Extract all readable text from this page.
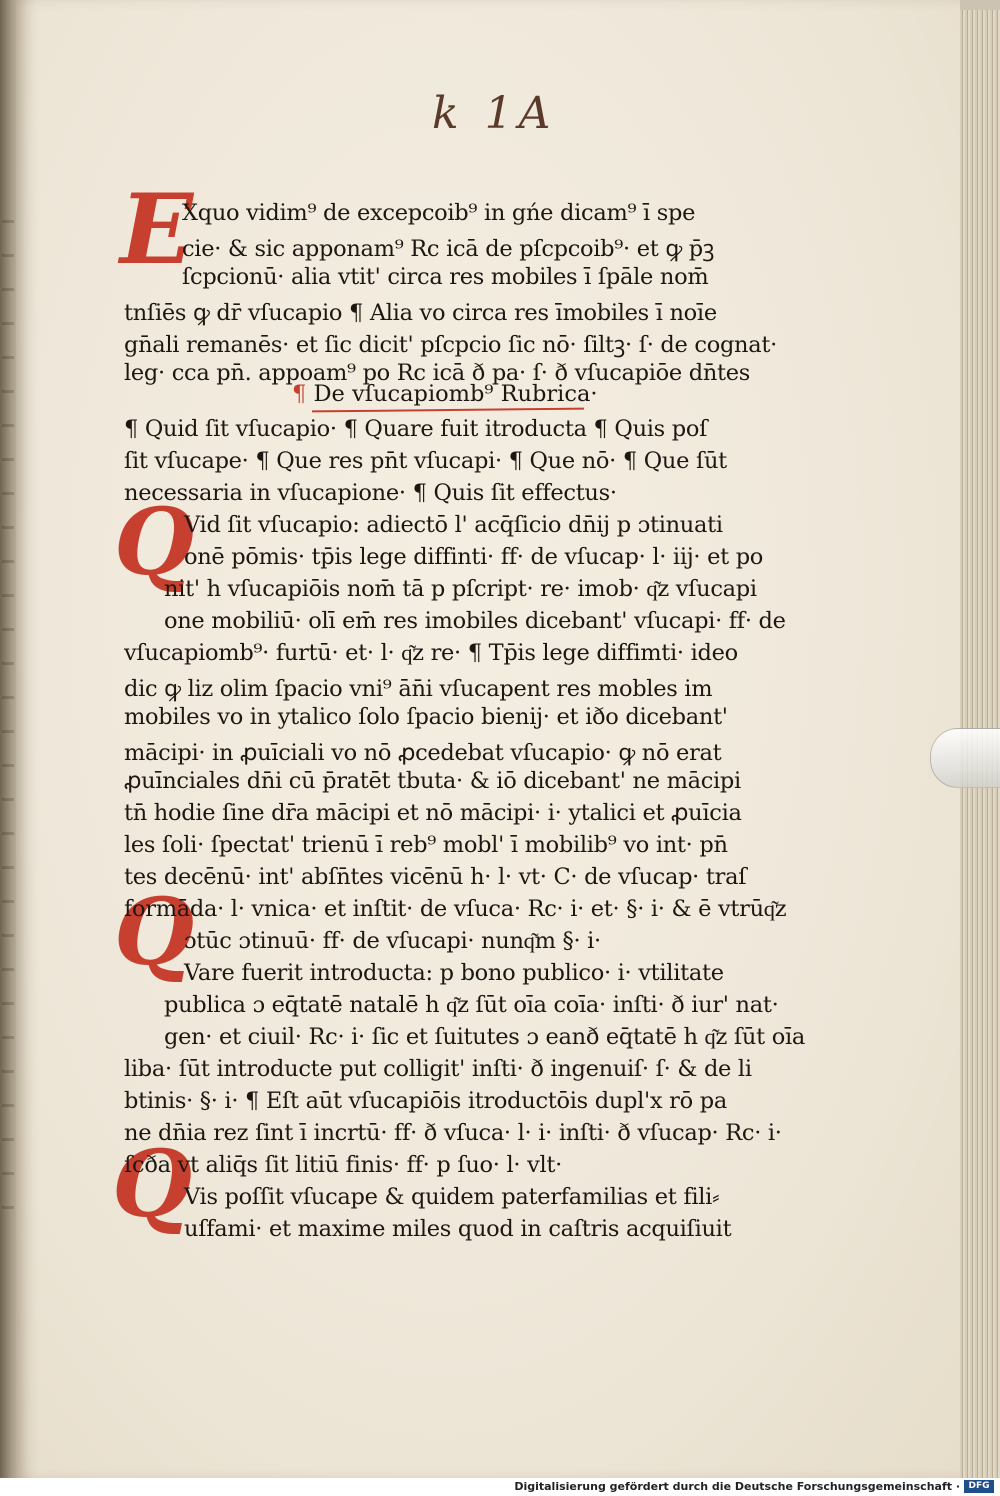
k 1A
E
Q
Q
Q
Xquo vidim⁹ de excepcoib⁹ in gńe dicam⁹ ī spe
cie· & sic apponam⁹ Rc icā de pſcpcoib⁹· et ꝙ p̄ꝫ
ſcpcionū· alia vtit' circa res mobiles ī ſpāle nom̄
tnſiēs ꝙ dr̄ vſucapio ¶ Alia vo circa res īmobiles ī noīe
gn̄ali remanēs· et ſic dicit' pſcpcio ſic nō· ſiltꝫ· ſ· de cognat·
leg· cca pn̄. appoam⁹ po Rc icā ð pa· ſ· ð vſucapiōe dn̄tes
¶ De vſucapiomb⁹ Rubrica·
¶ Quid ſit vſucapio· ¶ Quare fuit itroducta ¶ Quis poſ
ſit vſucape· ¶ Que res pn̄t vſucapi· ¶ Que nō· ¶ Que ſūt
necessaria in vſucapione· ¶ Quis ſit effectus·
Vid ſit vſucapio: adiectō l' acq̄ſicio dn̄ij p ɔtinuati
onē pōmis· tp̄is lege diffinti· ff· de vſucap· l· iij· et po
nit' h vſucapiōis nom̄ tā p pſcript· re· imob· q͂z vſucapi
one mobiliū· olī em̄ res imobiles dicebant' vſucapi· ff· de
vſucapiomb⁹· furtū· et· l· q͂z re· ¶ Tp̄is lege diffimti· ideo
dic ꝙ liz olim ſpacio vni⁹ ān̄i vſucapent res mobles im
mobiles vo in ytalico ſolo ſpacio bienij· et iðo dicebant'
mācipi· in ꝓuīciali vo nō ꝓcedebat vſucapio· ꝙ nō erat
ꝓuīnciales dn̄i cū p̄ratēt tbuta· & iō dicebant' ne mācipi
tn̄ hodie ſine dr̄a mācipi et nō mācipi· i· ytalici et ꝓuīcia
les ſoli· ſpectat' trienū ī reb⁹ mobl' ī mobilib⁹ vo int· pn̄
tes decēnū· int' abſn̄tes vicēnū h· l· vt· C· de vſucap· traſ
formāda· l· vnica· et inſtit· de vſuca· Rc· i· et· §· i· & ē vtrūq͂z
ɔtūc ɔtinuū· ff· de vſucapi· nunq͂m §· i·
Vare fuerit introducta: p bono publico· i· vtilitate
publica ɔ eq̄tatē natalē h q͂z ſūt oīa coīa· inſti· ð iur' nat·
gen· et ciuil· Rc· i· ſic et ſuitutes ɔ eanð eq̄tatē h q͂z ſūt oīa
liba· ſūt introducte put colligit' inſti· ð ingenuiſ· ſ· & de li
btinis· §· i· ¶ Eſt aūt vſucapiōis itroductōis dupl'x rō pa
ne dn̄ia rez ſint ī incrtū· ff· ð vſuca· l· i· inſti· ð vſucap· Rc· i·
ſcða vt aliq̄s ſit litiū finis· ff· p ſuo· l· vlt·
Vis poſſit vſucape & quidem paterfamilias et fili⸗
uſfami· et maxime miles quod in caſtris acquiſiuit
Digitalisierung gefördert durch die Deutsche Forschungsgemeinschaft · DFG
